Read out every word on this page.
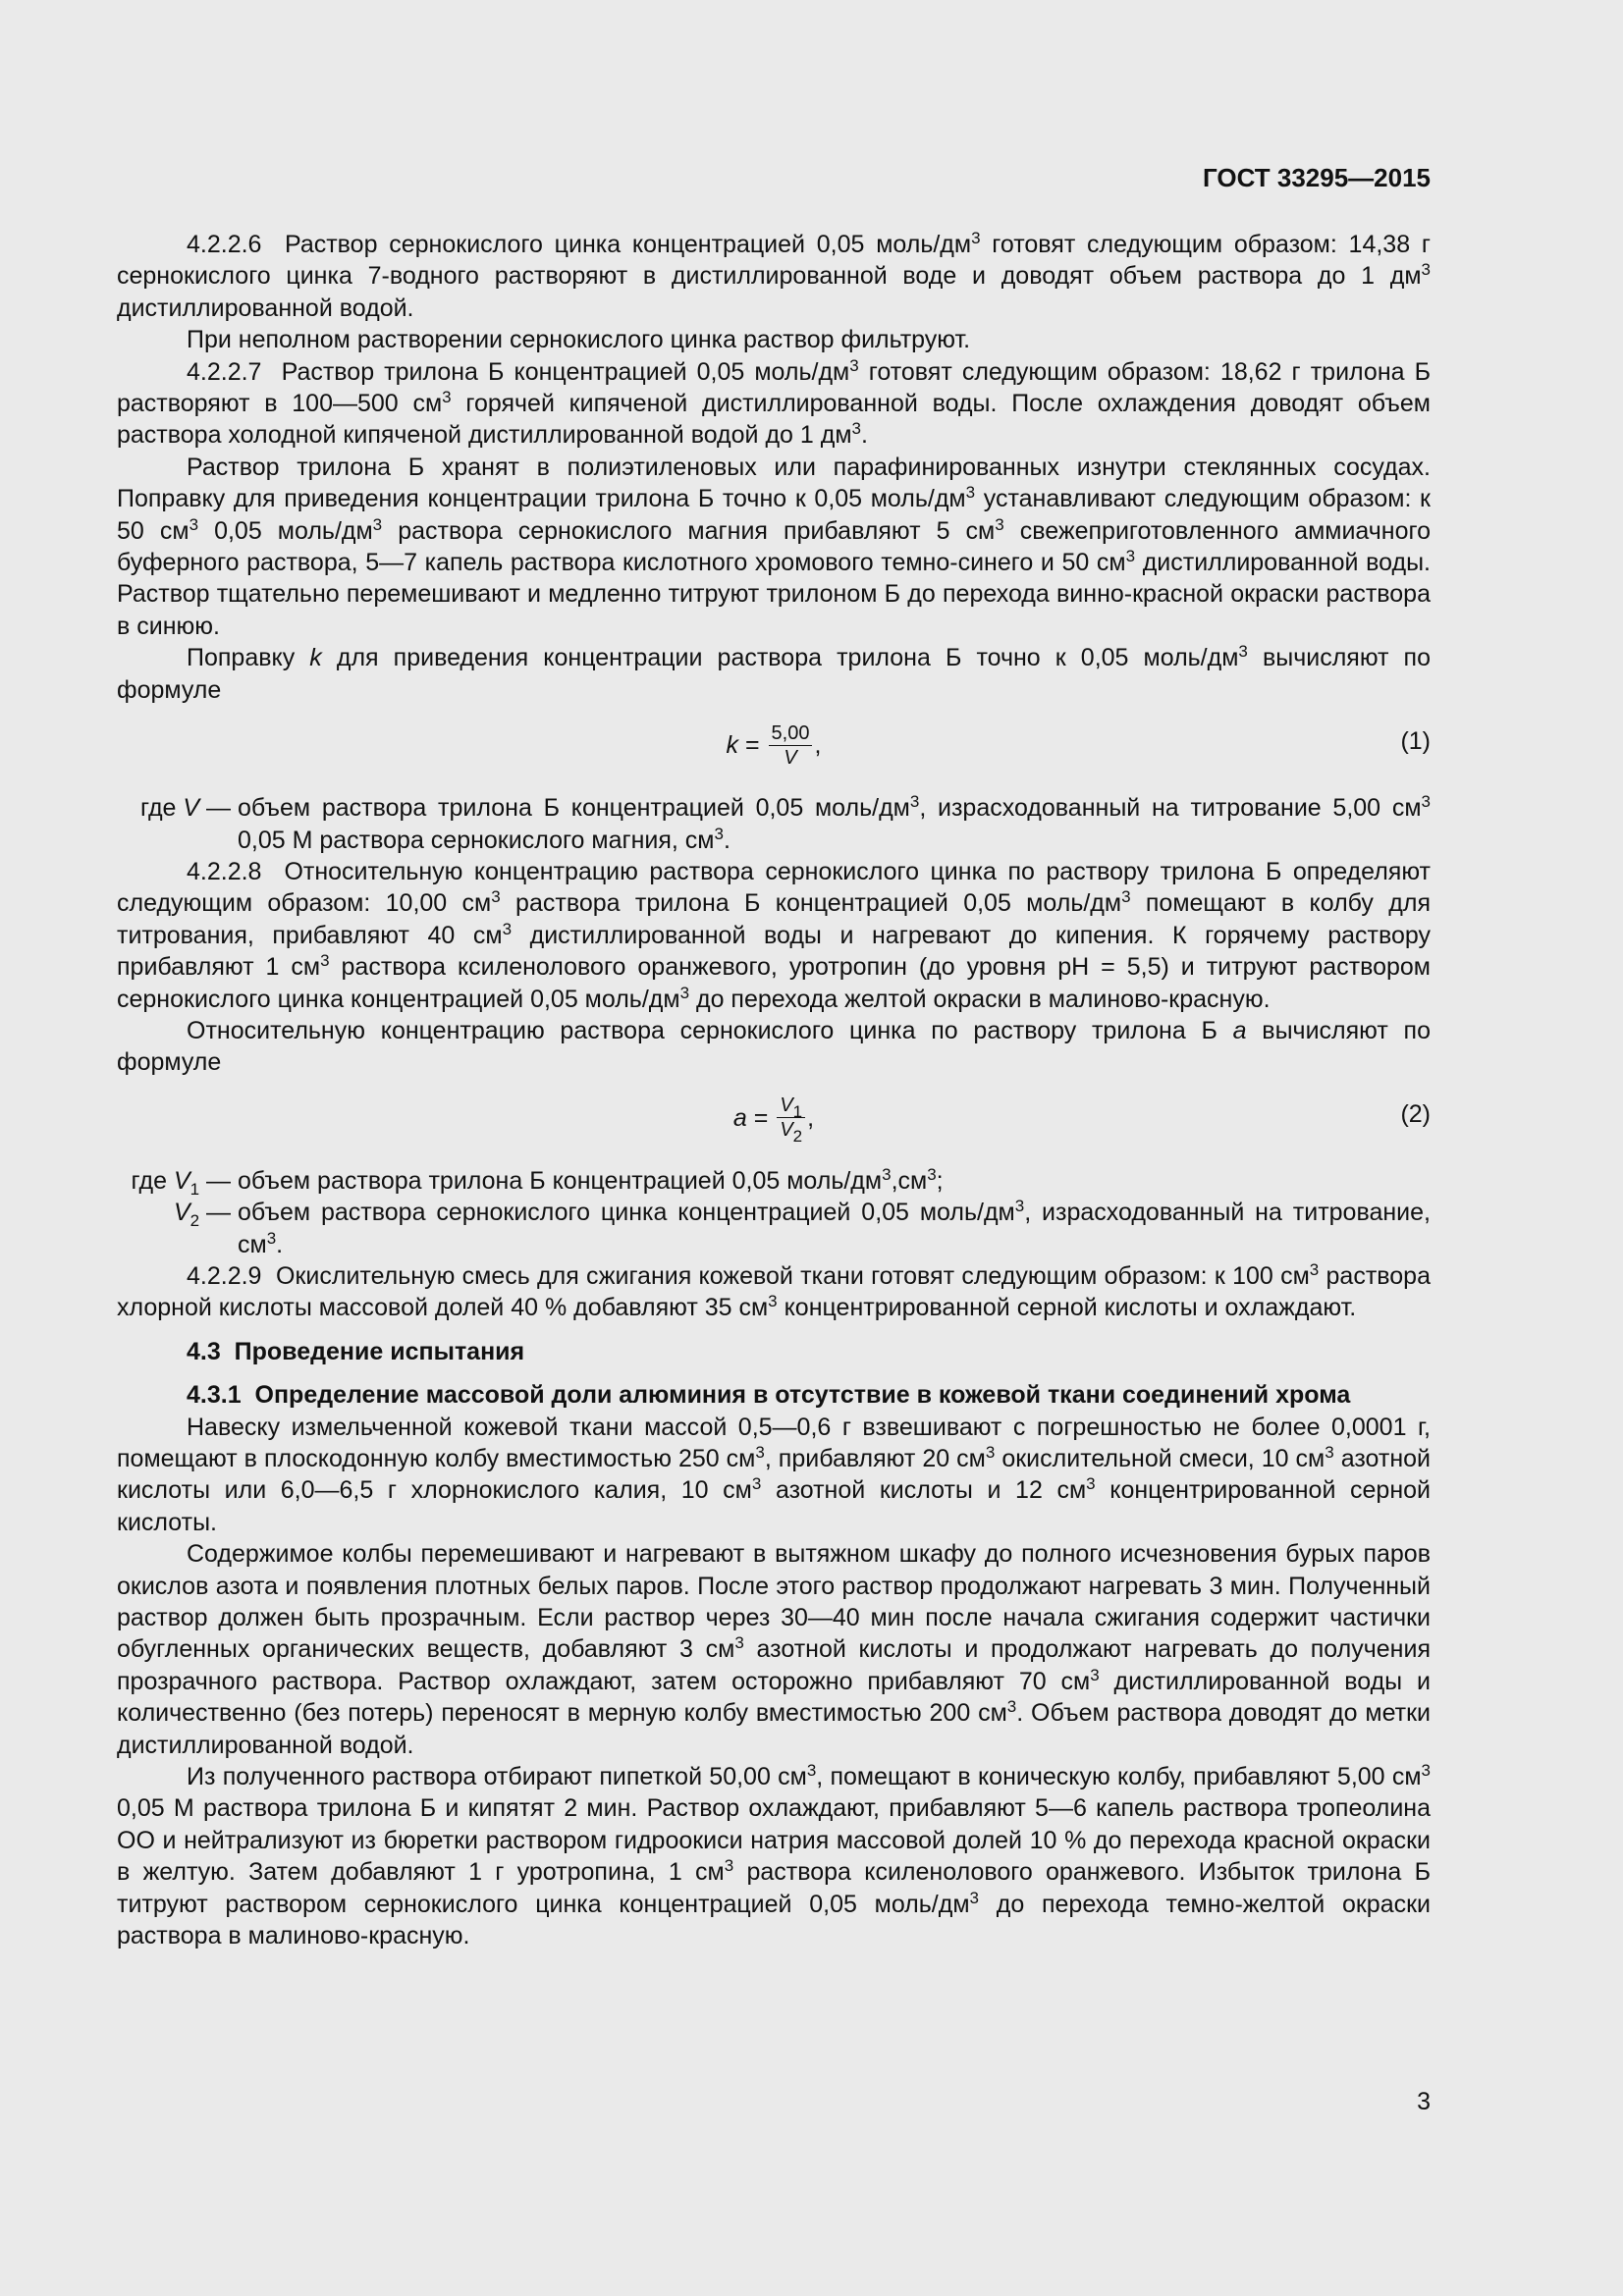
ГОСТ 33295—2015

4.2.2.6 Раствор сернокислого цинка концентрацией 0,05 моль/$дм^3$ готовят следующим образом: 14,38 г сернокислого цинка 7-водного растворяют в дистиллированной воде и доводят объем раствора до 1 $дм^3$ дистиллированной водой.

При неполном растворении сернокислого цинка раствор фильтруют.

4.2.2.7 Раствор трилона Б концентрацией 0,05 моль/$дм^3$ готовят следующим образом: 18,62 г трилона Б растворяют в 100—500 $см^3$ горячей кипяченой дистиллированной воды. После охлаждения доводят объем раствора холодной кипяченой дистиллированной водой до 1 $дм^3$.

Раствор трилона Б хранят в полиэтиленовых или парафинированных изнутри стеклянных сосудах. Поправку для приведения концентрации трилона Б точно к 0,05 моль/$дм^3$ устанавливают следующим образом: к 50 $см^3$ 0,05 моль/$дм^3$ раствора сернокислого магния прибавляют 5 $см^3$ свежеприготовленного аммиачного буферного раствора, 5—7 капель раствора кислотного хромового темно-синего и 50 $см^3$ дистиллированной воды. Раствор тщательно перемешивают и медленно титруют трилоном Б до перехода винно-красной окраски раствора в синюю.

Поправку k для приведения концентрации раствора трилона Б точно к 0,05 моль/$дм^3$ вычисляют по формуле

$k = \frac{5,00}{V}$ ,	(1)
где V — объем раствора трилона Б концентрацией 0,05 моль/$дм^3$, израсходованный на титрование 5,00 $см^3$ 0,05 М раствора сернокислого магния, $см^3$.

4.2.2.8 Относительную концентрацию раствора сернокислого цинка по раствору трилона Б определяют следующим образом: 10,00 $см^3$ раствора трилона Б концентрацией 0,05 моль/$дм^3$ помещают в колбу для титрования, прибавляют 40 $см^3$ дистиллированной воды и нагревают до кипения. К горячему раствору прибавляют 1 $см^3$ раствора ксиленолового оранжевого, уротропин (до уровня pH = 5,5) и титруют раствором сернокислого цинка концентрацией 0,05 моль/$дм^3$ до перехода желтой окраски в малиново-красную.

Относительную концентрацию раствора сернокислого цинка по раствору трилона Б a вычисляют по формуле

$a = \frac{V_1}{V_2}$ ,	(2)
где $V_1$ — объем раствора трилона Б концентрацией 0,05 моль/$дм^3,см^3$;
$V_2$ — объем раствора сернокислого цинка концентрацией 0,05 моль/$дм^3$, израсходованный на титрование, $см^3$.

4.2.2.9 Окислительную смесь для сжигания кожевой ткани готовят следующим образом: к 100 $см^3$ раствора хлорной кислоты массовой долей 40 % добавляют 35 $см^3$ концентрированной серной кислоты и охлаждают.

4.3 Проведение испытания

4.3.1 Определение массовой доли алюминия в отсутствие в кожевой ткани соединений хрома

Навеску измельченной кожевой ткани массой 0,5—0,6 г взвешивают с погрешностью не более 0,0001 г, помещают в плоскодонную колбу вместимостью 250 $см^3$, прибавляют 20 $см^3$ окислительной смеси, 10 $см^3$ азотной кислоты или 6,0—6,5 г хлорнокислого калия, 10 $см^3$ азотной кислоты и 12 $см^3$ концентрированной серной кислоты.

Содержимое колбы перемешивают и нагревают в вытяжном шкафу до полного исчезновения бурых паров окислов азота и появления плотных белых паров. После этого раствор продолжают нагревать 3 мин. Полученный раствор должен быть прозрачным. Если раствор через 30—40 мин после начала сжигания содержит частички обугленных органических веществ, добавляют 3 $см^3$ азотной кислоты и продолжают нагревать до получения прозрачного раствора. Раствор охлаждают, затем осторожно прибавляют 70 $см^3$ дистиллированной воды и количественно (без потерь) переносят в мерную колбу вместимостью 200 $см^3$. Объем раствора доводят до метки дистиллированной водой.

Из полученного раствора отбирают пипеткой 50,00 $см^3$, помещают в коническую колбу, прибавляют 5,00 $см^3$ 0,05 М раствора трилона Б и кипятят 2 мин. Раствор охлаждают, прибавляют 5—6 капель раствора тропеолина ОО и нейтрализуют из бюретки раствором гидроокиси натрия массовой долей 10 % до перехода красной окраски в желтую. Затем добавляют 1 г уротропина, 1 $см^3$ раствора ксиленолового оранжевого. Избыток трилона Б титруют раствором сернокислого цинка концентрацией 0,05 моль/$дм^3$ до перехода темно-желтой окраски раствора в малиново-красную.

3
